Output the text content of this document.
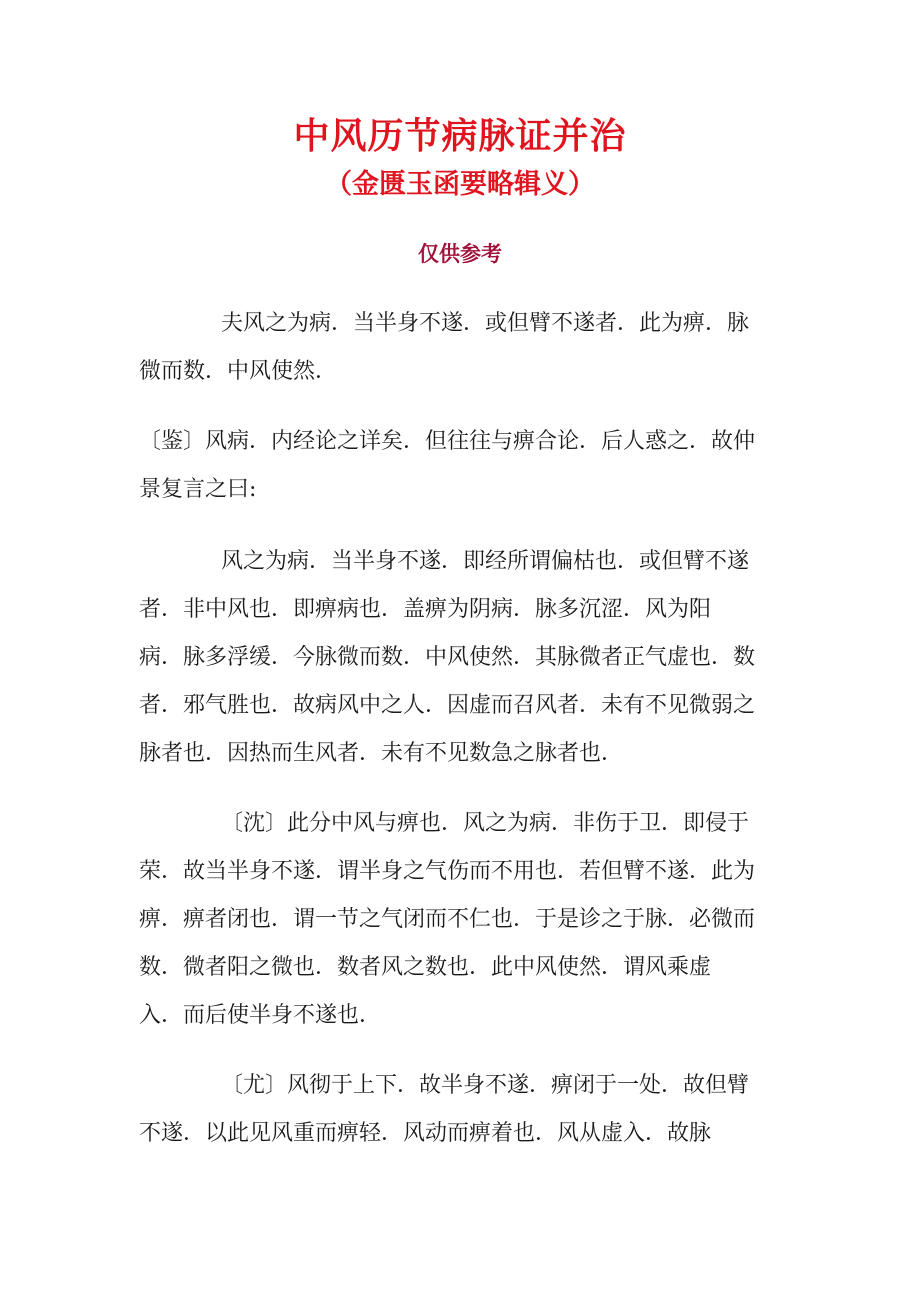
中风历节病脉证并治
（金匮玉函要略辑义）
仅供参考

夫风之为病．当半身不遂．或但臂不遂者．此为痹．脉
微而数．中风使然．

〔鉴〕风病．内经论之详矣．但往往与痹合论．后人惑之．故仲
景复言之曰:

风之为病．当半身不遂．即经所谓偏枯也．或但臂不遂
者．非中风也．即痹病也．盖痹为阴病．脉多沉涩．风为阳
病．脉多浮缓．今脉微而数．中风使然．其脉微者正气虚也．数
者．邪气胜也．故病风中之人．因虚而召风者．未有不见微弱之
脉者也．因热而生风者．未有不见数急之脉者也．

〔沈〕此分中风与痹也．风之为病．非伤于卫．即侵于
荣．故当半身不遂．谓半身之气伤而不用也．若但臂不遂．此为
痹．痹者闭也．谓一节之气闭而不仁也．于是诊之于脉．必微而
数．微者阳之微也．数者风之数也．此中风使然．谓风乘虚
入．而后使半身不遂也．

〔尤〕风彻于上下．故半身不遂．痹闭于一处．故但臂
不遂．以此见风重而痹轻．风动而痹着也．风从虚入．故脉
